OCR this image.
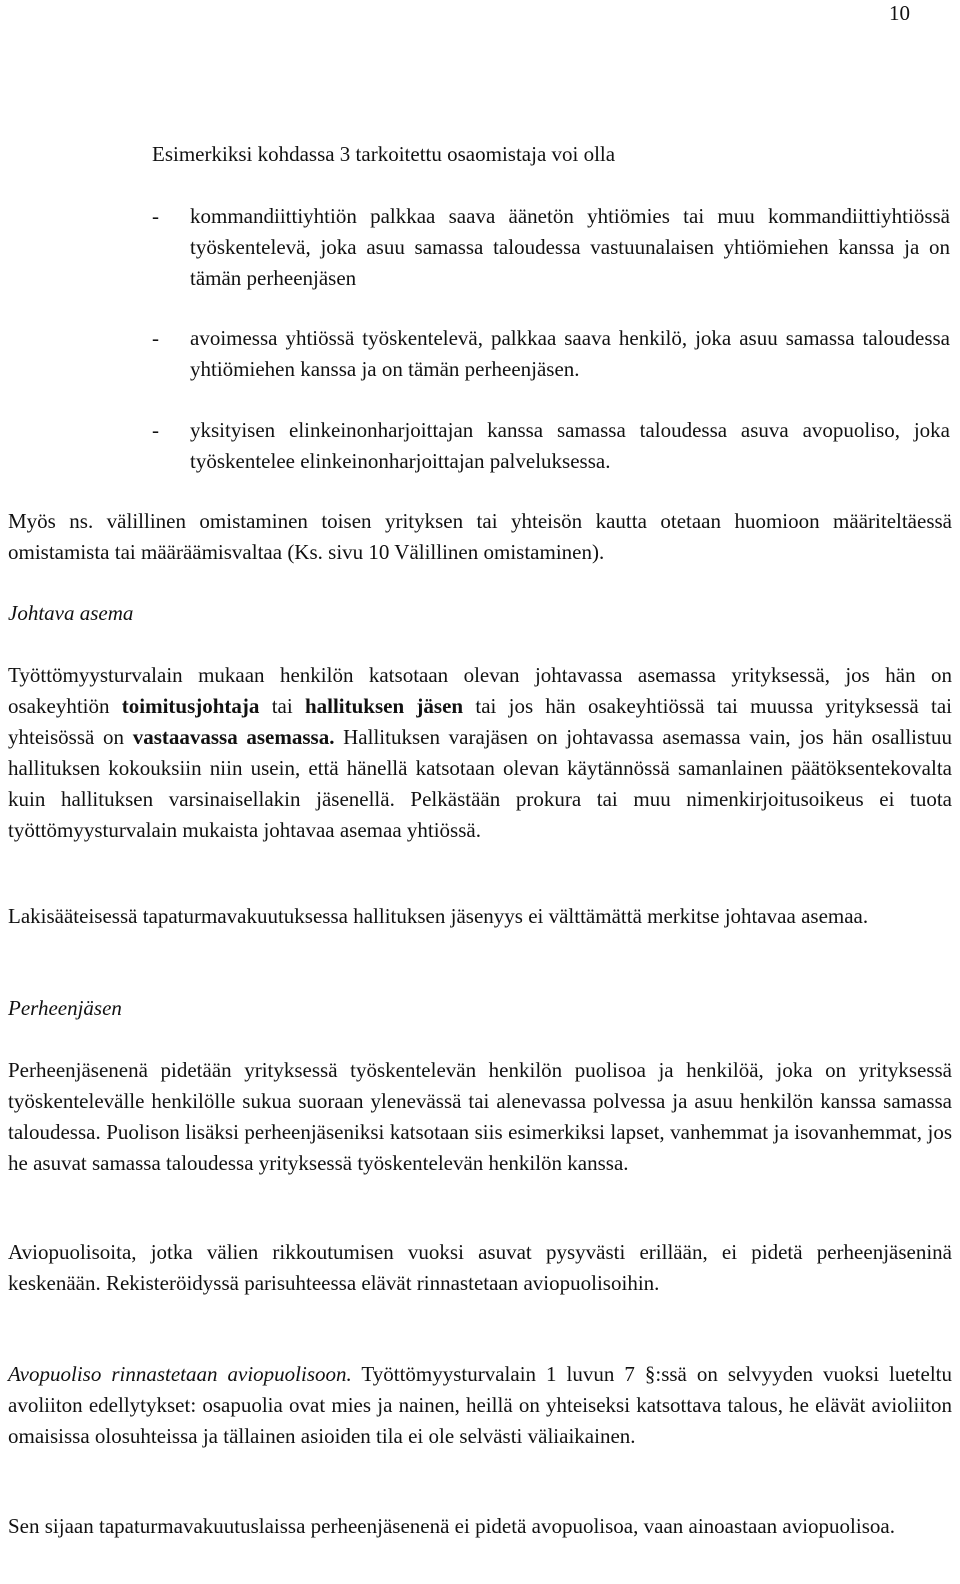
10
Esimerkiksi kohdassa 3 tarkoitettu osaomistaja voi olla
- kommandiittiyhtiön palkkaa saava äänetön yhtiömies tai muu kommandiittiyhtiössä työskentelevä, joka asuu samassa taloudessa vastuunalaisen yhtiömiehen kanssa ja on tämän perheenjäsen
- avoimessa yhtiössä työskentelevä, palkkaa saava henkilö, joka asuu samassa taloudessa yhtiömiehen kanssa ja on tämän perheenjäsen.
- yksityisen elinkeinonharjoittajan kanssa samassa taloudessa asuva avopuoliso, joka työskentelee elinkeinonharjoittajan palveluksessa.
Myös ns. välillinen omistaminen toisen yrityksen tai yhteisön kautta otetaan huomioon määriteltäessä omistamista tai määräämisvaltaa (Ks. sivu 10 Välillinen omistaminen).
Johtava asema
Työttömyysturvalain mukaan henkilön katsotaan olevan johtavassa asemassa yrityksessä, jos hän on osakeyhtiön toimitusjohtaja tai hallituksen jäsen tai jos hän osakeyhtiössä tai muussa yrityksessä tai yhteisössä on vastaavassa asemassa. Hallituksen varajäsen on johtavassa asemassa vain, jos hän osallistuu hallituksen kokouksiin niin usein, että hänellä katsotaan olevan käytännössä samanlainen päätöksentekovalta kuin hallituksen varsinaisellakin jäsenellä. Pelkästään prokura tai muu nimenkirjoitusoikeus ei tuota työttömyysturvalain mukaista johtavaa asemaa yhtiössä.
Lakisääteisessä tapaturmavakuutuksessa hallituksen jäsenyys ei välttämättä merkitse johtavaa asemaa.
Perheenjäsen
Perheenjäsenenä pidetään yrityksessä työskentelevän henkilön puolisoa ja henkilöä, joka on yrityksessä työskentelevälle henkilölle sukua suoraan ylenevässä tai alenevassa polvessa ja asuu henkilön kanssa samassa taloudessa. Puolison lisäksi perheenjäseniksi katsotaan siis esimerkiksi lapset, vanhemmat ja isovanhemmat, jos he asuvat samassa taloudessa yrityksessä työskentelevän henkilön kanssa.
Aviopuolisoita, jotka välien rikkoutumisen vuoksi asuvat pysyvästi erillään, ei pidetä perheenjäseninä keskenään. Rekisteröidyssä parisuhteessa elävät rinnastetaan aviopuolisoihin.
Avopuoliso rinnastetaan aviopuolisoon. Työttömyysturvalain 1 luvun 7 §:ssä on selvyyden vuoksi lueteltu avoliiton edellytykset: osapuolia ovat mies ja nainen, heillä on yhteiseksi katsottava talous, he elävät avioliiton omaisissa olosuhteissa ja tällainen asioiden tila ei ole selvästi väliaikainen.
Sen sijaan tapaturmavakuutuslaissa perheenjäsenenä ei pidetä avopuolisoa, vaan ainoastaan aviopuolisoa.
